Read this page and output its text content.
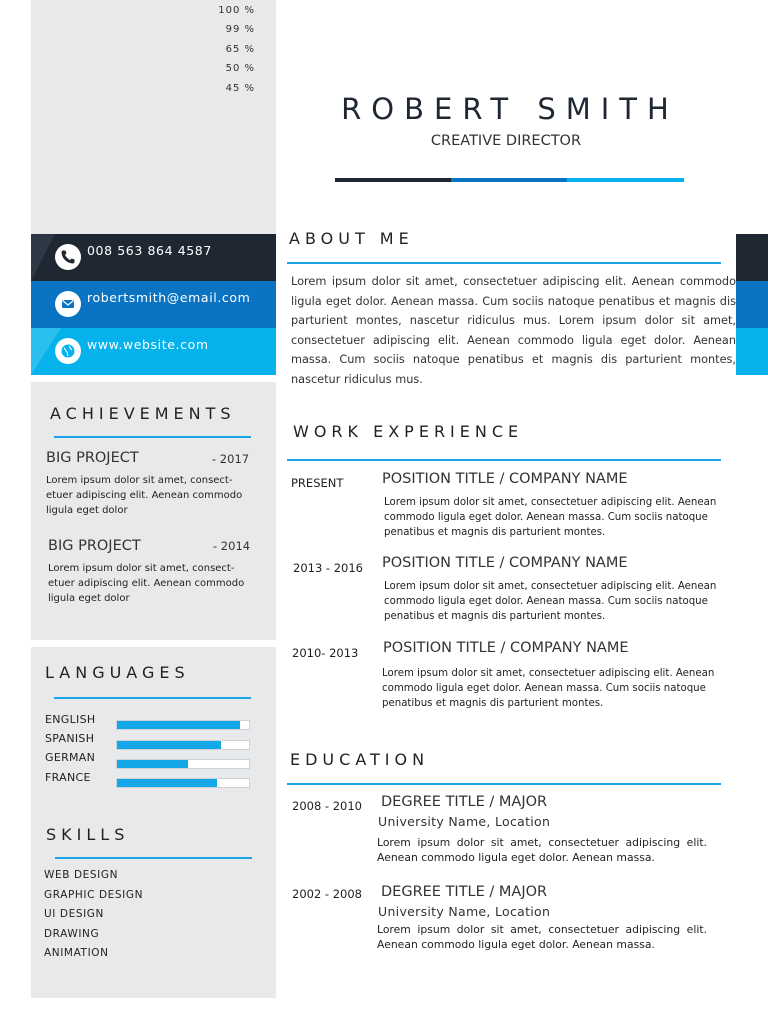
100 %
99 %
65 %
50 %
45 %
ROBERT SMITH
CREATIVE DIRECTOR
008 563 864 4587
robertsmith@email.com
www.website.com
ACHIEVEMENTS
BIG PROJECT	- 2017
Lorem ipsum dolor sit amet, consect-etuer adipiscing elit. Aenean commodo ligula eget dolor
BIG PROJECT	- 2014
Lorem ipsum dolor sit amet, consect-etuer adipiscing elit. Aenean commodo ligula eget dolor
LANGUAGES
ENGLISH
SPANISH
GERMAN
FRANCE
SKILLS
WEB DESIGN
GRAPHIC DESIGN
UI DESIGN
DRAWING
ANIMATION
ABOUT ME
Lorem ipsum dolor sit amet, consectetuer adipiscing elit. Aenean commodo ligula eget dolor. Aenean massa. Cum sociis natoque penatibus et magnis dis parturient montes, nascetur ridiculus mus. Lorem ipsum dolor sit amet, consectetuer adipiscing elit. Aenean commodo ligula eget dolor. Aenean massa. Cum sociis natoque penatibus et magnis dis parturient montes, nascetur ridiculus mus.
WORK EXPERIENCE
PRESENT	POSITION TITLE / COMPANY NAME
Lorem ipsum dolor sit amet, consectetuer adipiscing elit. Aenean commodo ligula eget dolor. Aenean massa. Cum sociis natoque penatibus et magnis dis parturient montes.
2013 - 2016 POSITION TITLE / COMPANY NAME
Lorem ipsum dolor sit amet, consectetuer adipiscing elit. Aenean commodo ligula eget dolor. Aenean massa. Cum sociis natoque penatibus et magnis dis parturient montes.
2010- 2013 POSITION TITLE / COMPANY NAME
Lorem ipsum dolor sit amet, consectetuer adipiscing elit. Aenean commodo ligula eget dolor. Aenean massa. Cum sociis natoque penatibus et magnis dis parturient montes.
EDUCATION
2008 - 2010 DEGREE TITLE / MAJOR
University Name, Location
Lorem ipsum dolor sit amet, consectetuer adipiscing elit. Aenean commodo ligula eget dolor. Aenean massa.
2002 - 2008 DEGREE TITLE / MAJOR
University Name, Location
Lorem ipsum dolor sit amet, consectetuer adipiscing elit. Aenean commodo ligula eget dolor. Aenean massa.
